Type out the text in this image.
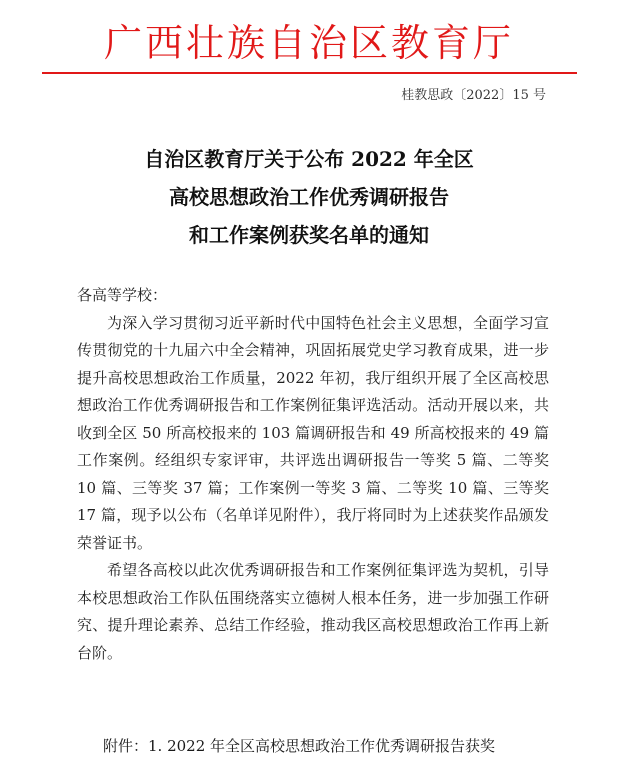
广西壮族自治区教育厅
桂教思政〔2022〕15 号
自治区教育厅关于公布 2022 年全区
高校思想政治工作优秀调研报告
和工作案例获奖名单的通知

各高等学校：

为深入学习贯彻习近平新时代中国特色社会主义思想，全面学习宣传贯彻党的十九届六中全会精神，巩固拓展党史学习教育成果，进一步提升高校思想政治工作质量，2022 年初，我厅组织开展了全区高校思想政治工作优秀调研报告和工作案例征集评选活动。活动开展以来，共收到全区 50 所高校报来的 103 篇调研报告和 49 所高校报来的 49 篇工作案例。经组织专家评审，共评选出调研报告一等奖 5 篇、二等奖 10 篇、三等奖 37 篇；工作案例一等奖 3 篇、二等奖 10 篇、三等奖 17 篇，现予以公布（名单详见附件），我厅将同时为上述获奖作品颁发荣誉证书。

希望各高校以此次优秀调研报告和工作案例征集评选为契机，引导本校思想政治工作队伍围绕落实立德树人根本任务，进一步加强工作研究、提升理论素养、总结工作经验，推动我区高校思想政治工作再上新台阶。

附件：1. 2022 年全区高校思想政治工作优秀调研报告获奖
